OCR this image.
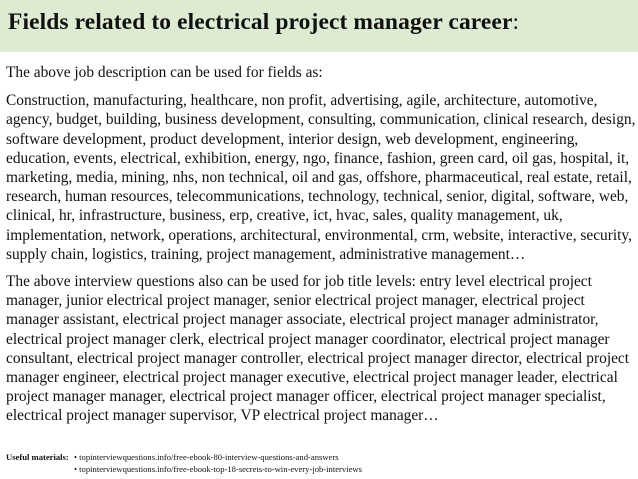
Fields related to electrical project manager career:

The above job description can be used for fields as:

Construction, manufacturing, healthcare, non profit, advertising, agile, architecture, automotive, agency, budget, building, business development, consulting, communication, clinical research, design, software development, product development, interior design, web development, engineering, education, events, electrical, exhibition, energy, ngo, finance, fashion, green card, oil gas, hospital, it, marketing, media, mining, nhs, non technical, oil and gas, offshore, pharmaceutical, real estate, retail, research, human resources, telecommunications, technology, technical, senior, digital, software, web, clinical, hr, infrastructure, business, erp, creative, ict, hvac, sales, quality management, uk, implementation, network, operations, architectural, environmental, crm, website, interactive, security, supply chain, logistics, training, project management, administrative management…

The above interview questions also can be used for job title levels: entry level electrical project manager, junior electrical project manager, senior electrical project manager, electrical project manager assistant, electrical project manager associate, electrical project manager administrator, electrical project manager clerk, electrical project manager coordinator, electrical project manager consultant, electrical project manager controller, electrical project manager director, electrical project manager engineer, electrical project manager executive, electrical project manager leader, electrical project manager manager, electrical project manager officer, electrical project manager specialist, electrical project manager supervisor, VP electrical project manager…

Useful materials: • topinterviewquestions.info/free-ebook-80-interview-questions-and-answers
• topinterviewquestions.info/free-ebook-top-18-secrets-to-win-every-job-interviews
